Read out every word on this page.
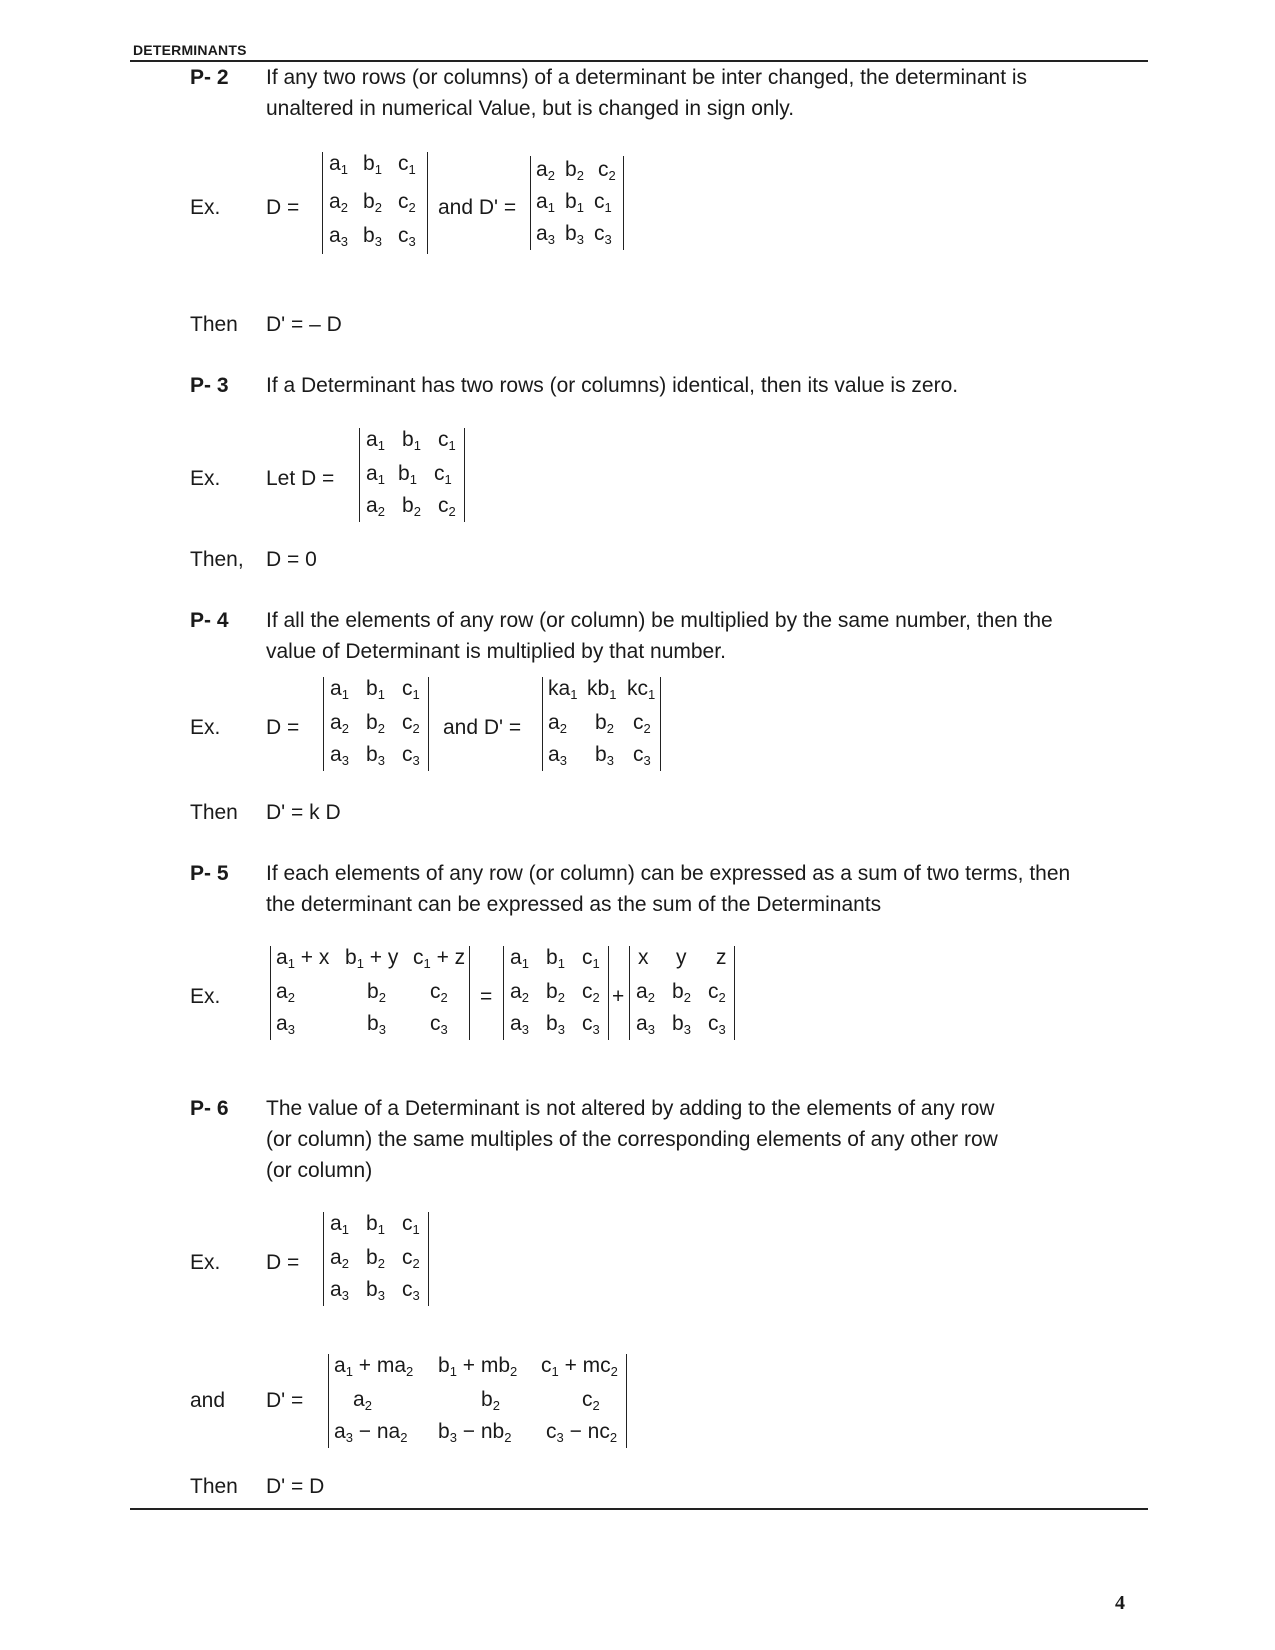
DETERMINANTS
P- 2 If any two rows (or columns) of a determinant be inter changed, the determinant is
unaltered in numerical Value, but is changed in sign only.
Ex. D =
$a_1$ $b_1$ $c_1$
$a_2$ $b_2$ $c_2$
$a_3$ $b_3$ $c_3$
and D' =
$a_2$ $b_2$ $c_2$
$a_1$ $b_1$ $c_1$
$a_3$ $b_3$ $c_3$
Then D' = – D
P- 3 If a Determinant has two rows (or columns) identical, then its value is zero.
Ex. Let D =
$a_1$ $b_1$ $c_1$
$a_1$ $b_1$ $c_1$
$a_2$ $b_2$ $c_2$
Then, D = 0
P- 4 If all the elements of any row (or column) be multiplied by the same number, then the
value of Determinant is multiplied by that number.
Ex. D =
$a_1$ $b_1$ $c_1$
$a_2$ $b_2$ $c_2$
$a_3$ $b_3$ $c_3$
and D' =
$ka_1$ $kb_1$ $kc_1$
$a_2$ $b_2$ $c_2$
$a_3$ $b_3$ $c_3$
Then D' = k D
P- 5 If each elements of any row (or column) can be expressed as a sum of two terms, then
the determinant can be expressed as the sum of the Determinants
Ex.
$a_1 + x$ $b_1 + y$ $c_1 + z$
$a_2$	$b_2$ $c_2$
$a_3$	$b_3$ $c_3$
=
$a_1$ $b_1$ $c_1$
$a_2$ $b_2$ $c_2$
$a_3$ $b_3$ $c_3$
+
x y z
$a_2$ $b_2$ $c_2$
$a_3$ $b_3$ $c_3$
P- 6 The value of a Determinant is not altered by adding to the elements of any row
(or column) the same multiples of the corresponding elements of any other row
(or column)
Ex. D =
$a_1$ $b_1$ $c_1$
$a_2$ $b_2$ $c_2$
$a_3$ $b_3$ $c_3$
and D' =
$a_1 + ma_2$ $b_1 + mb_2$ $c_1 + mc_2$
$a_2$	$b_2$	$c_2$
$a_3 - na_2$ $b_3 - nb_2$ $c_3 - nc_2$
Then D' = D
4
